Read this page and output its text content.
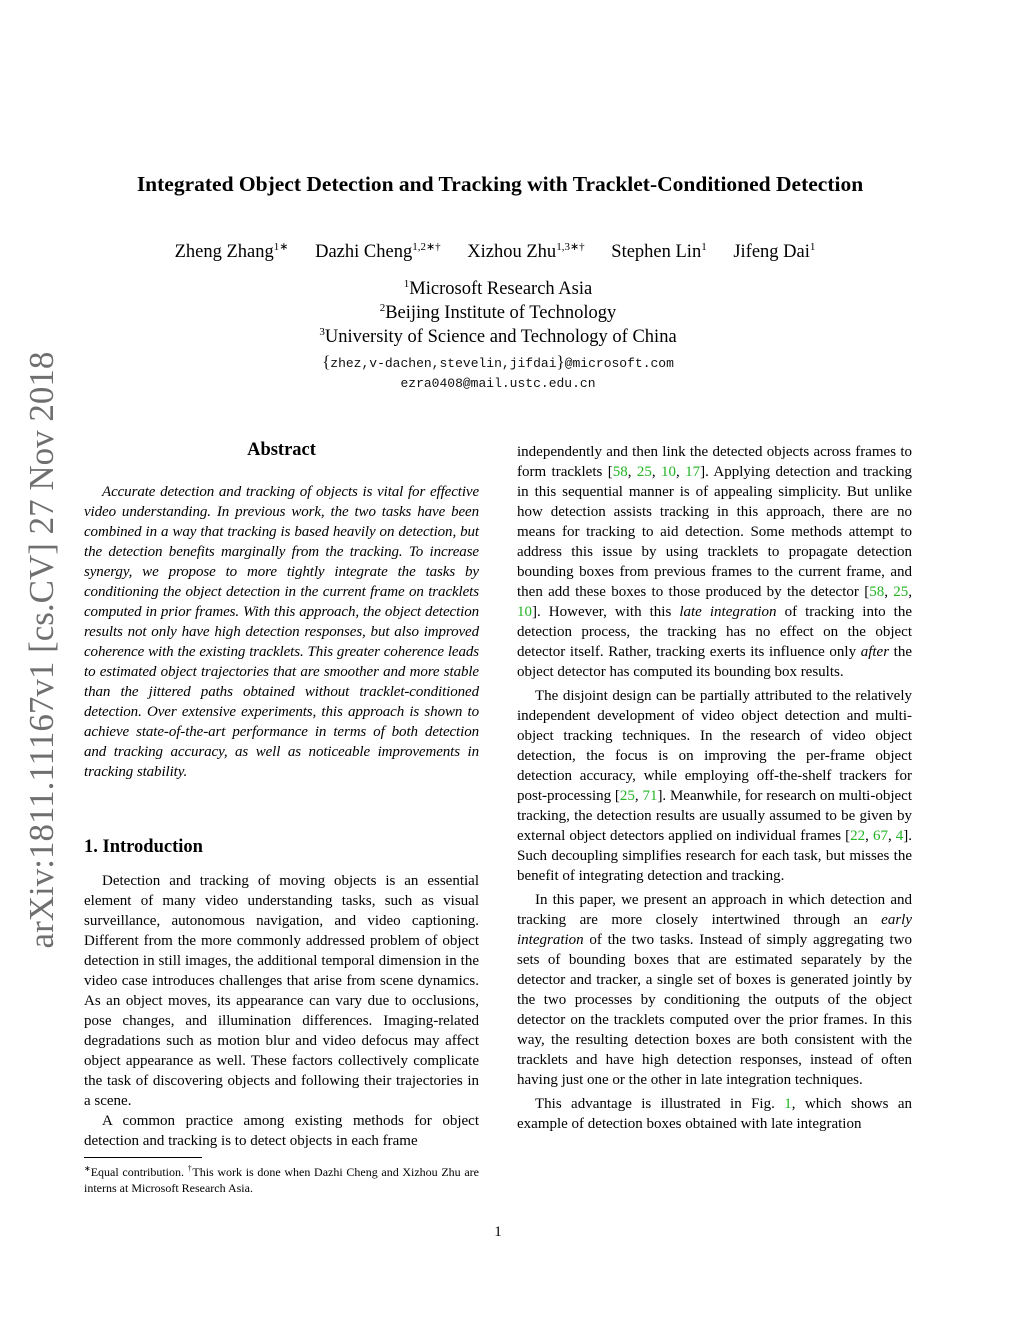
arXiv:1811.11167v1 [cs.CV] 27 Nov 2018
Integrated Object Detection and Tracking with Tracklet-Conditioned Detection
Zheng Zhang$^{1∗}$ Dazhi Cheng$^{1,2∗\dagger}$ Xizhou Zhu$^{1,3∗\dagger}$ Stephen Lin$^1$ Jifeng Dai$^1$
$^1$Microsoft Research Asia
$^2$Beijing Institute of Technology
$^3$University of Science and Technology of China
{zhez,v-dachen,stevelin,jifdai}@microsoft.com
ezra0408@mail.ustc.edu.cn
Abstract

Accurate detection and tracking of objects is vital for effective video understanding. In previous work, the two tasks have been combined in a way that tracking is based heavily on detection, but the detection benefits marginally from the tracking. To increase synergy, we propose to more tightly integrate the tasks by conditioning the object detection in the current frame on tracklets computed in prior frames. With this approach, the object detection results not only have high detection responses, but also improved coherence with the existing tracklets. This greater coherence leads to estimated object trajectories that are smoother and more stable than the jittered paths obtained without tracklet-conditioned detection. Over extensive experiments, this approach is shown to achieve state-of-the-art performance in terms of both detection and tracking accuracy, as well as noticeable improvements in tracking stability.

1. Introduction

Detection and tracking of moving objects is an essential element of many video understanding tasks, such as visual surveillance, autonomous navigation, and video captioning. Different from the more commonly addressed problem of object detection in still images, the additional temporal dimension in the video case introduces challenges that arise from scene dynamics. As an object moves, its appearance can vary due to occlusions, pose changes, and illumination differences. Imaging-related degradations such as motion blur and video defocus may affect object appearance as well. These factors collectively complicate the task of discovering objects and following their trajectories in a scene.

A common practice among existing methods for object detection and tracking is to detect objects in each frame

independently and then link the detected objects across frames to form tracklets [58, 25, 10, 17]. Applying detection and tracking in this sequential manner is of appealing simplicity. But unlike how detection assists tracking in this approach, there are no means for tracking to aid detection. Some methods attempt to address this issue by using tracklets to propagate detection bounding boxes from previous frames to the current frame, and then add these boxes to those produced by the detector [58, 25, 10]. However, with this late integration of tracking into the detection process, the tracking has no effect on the object detector itself. Rather, tracking exerts its influence only after the object detector has computed its bounding box results.

The disjoint design can be partially attributed to the relatively independent development of video object detection and multi-object tracking techniques. In the research of video object detection, the focus is on improving the per-frame object detection accuracy, while employing off-the-shelf trackers for post-processing [25, 71]. Meanwhile, for research on multi-object tracking, the detection results are usually assumed to be given by external object detectors applied on individual frames [22, 67, 4]. Such decoupling simplifies research for each task, but misses the benefit of integrating detection and tracking.

In this paper, we present an approach in which detection and tracking are more closely intertwined through an early integration of the two tasks. Instead of simply aggregating two sets of bounding boxes that are estimated separately by the detector and tracker, a single set of boxes is generated jointly by the two processes by conditioning the outputs of the object detector on the tracklets computed over the prior frames. In this way, the resulting detection boxes are both consistent with the tracklets and have high detection responses, instead of often having just one or the other in late integration techniques.

This advantage is illustrated in Fig. 1, which shows an example of detection boxes obtained with late integration

∗Equal contribution. †This work is done when Dazhi Cheng and Xizhou Zhu are interns at Microsoft Research Asia.
1
